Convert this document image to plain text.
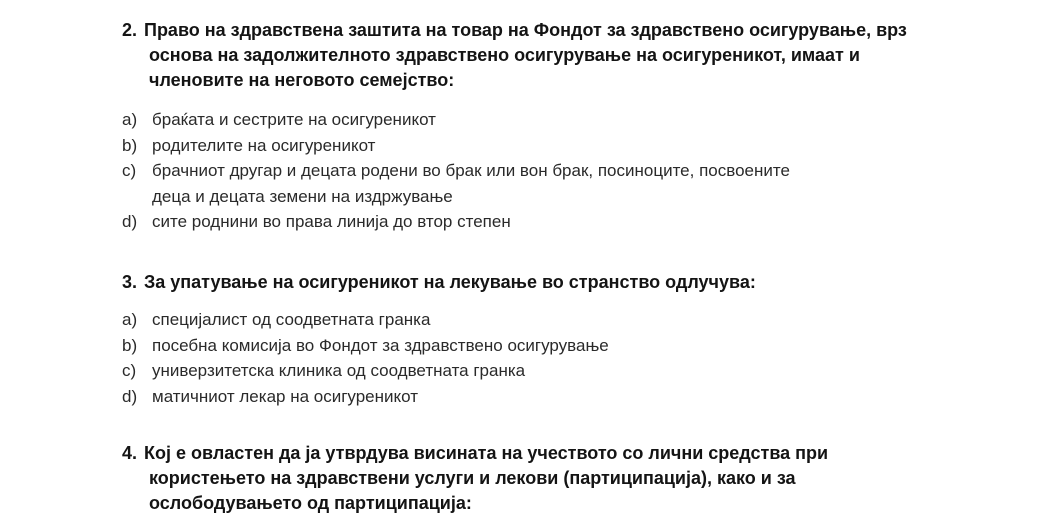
2. Право на здравствена заштита на товар на Фондот за здравствено осигурување, врз
основа на задолжителното здравствено осигурување на осигуреникот, имаат и
членовите на неговото семејство:
a) браќата и сестрите на осигуреникот
b) родителите на осигуреникот
c) брачниот другар и децата родени во брак или вон брак, посиноците, посвоените
деца и децата земени на издржување
d) сите роднини во права линија до втор степен
3. За упатување на осигуреникот на лекување во странство одлучува:
a) специјалист од соодветната гранка
b) посебна комисија во Фондот за здравствено осигурување
c) универзитетска клиника од соодветната гранка
d) матичниот лекар на осигуреникот
4. Кој е овластен да ја утврдува висината на учеството со лични средства при
користењето на здравствени услуги и лекови (партиципација), како и за
ослободувањето од партиципација:
